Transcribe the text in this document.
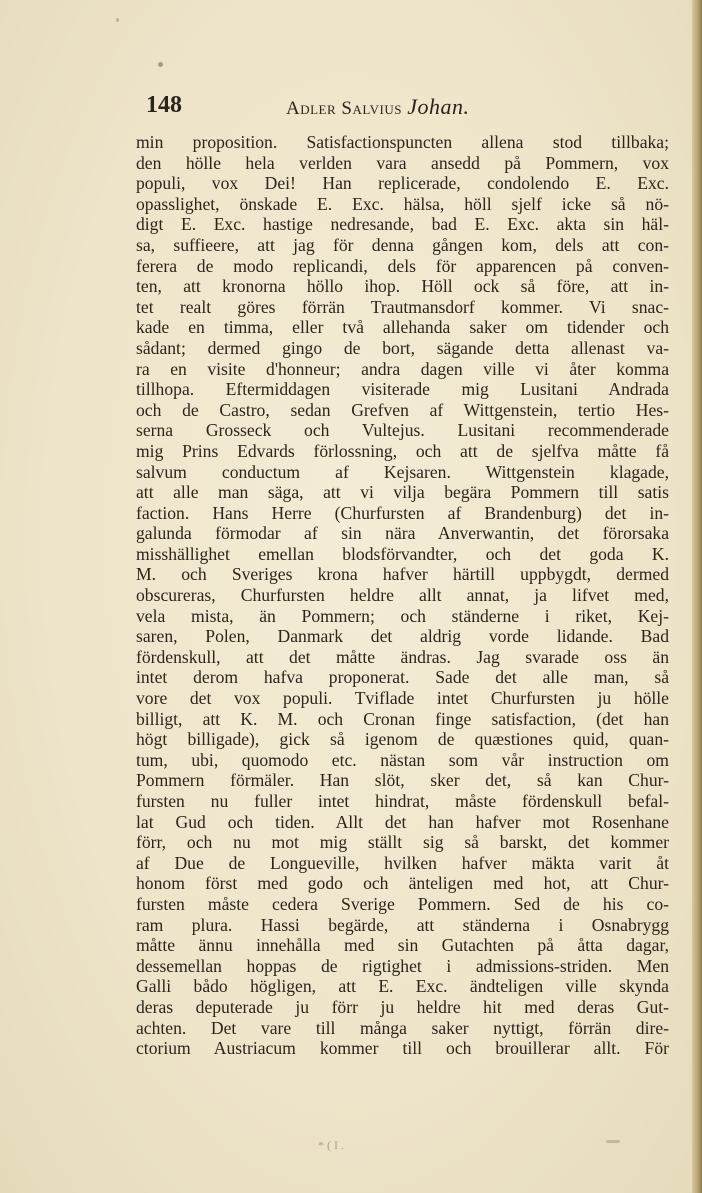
148	Adler Salvius Johan.
min proposition. Satisfactionspuncten allena stod tillbaka;
den hölle hela verlden vara ansedd på Pommern, vox
populi, vox Dei! Han replicerade, condolendo E. Exc.
opasslighet, önskade E. Exc. hälsa, höll sjelf icke så nö-
digt E. Exc. hastige nedresande, bad E. Exc. akta sin häl-
sa, suffieere, att jag för denna gången kom, dels att con-
ferera de modo replicandi, dels för apparencen på conven-
ten, att kronorna höllo ihop. Höll ock så före, att in-
tet realt göres förrän Trautmansdorf kommer. Vi snac-
kade en timma, eller två allehanda saker om tidender och
sådant; dermed gingo de bort, sägande detta allenast va-
ra en visite d'honneur; andra dagen ville vi åter komma
tillhopa. Eftermiddagen visiterade mig Lusitani Andrada
och de Castro, sedan Grefven af Wittgenstein, tertio Hes-
serna Grosseck och Vultejus. Lusitani recommenderade
mig Prins Edvards förlossning, och att de sjelfva måtte få
salvum conductum af Kejsaren. Wittgenstein klagade,
att alle man säga, att vi vilja begära Pommern till satis
faction. Hans Herre (Churfursten af Brandenburg) det in-
galunda förmodar af sin nära Anverwantin, det förorsaka
misshällighet emellan blodsförvandter, och det goda K.
M. och Sveriges krona hafver härtill uppbygdt, dermed
obscureras, Churfursten heldre allt annat, ja lifvet med,
vela mista, än Pommern; och ständerne i riket, Kej-
saren, Polen, Danmark det aldrig vorde lidande. Bad
fördenskull, att det måtte ändras. Jag svarade oss än
intet derom hafva proponerat. Sade det alle man, så
vore det vox populi. Tviflade intet Churfursten ju hölle
billigt, att K. M. och Cronan finge satisfaction, (det han
högt billigade), gick så igenom de quæstiones quid, quan-
tum, ubi, quomodo etc. nästan som vår instruction om
Pommern förmäler. Han slöt, sker det, så kan Chur-
fursten nu fuller intet hindrat, måste fördenskull befal-
lat Gud och tiden. Allt det han hafver mot Rosenhane
förr, och nu mot mig ställt sig så barskt, det kommer
af Due de Longueville, hvilken hafver mäkta varit åt
honom först med godo och änteligen med hot, att Chur-
fursten måste cedera Sverige Pommern. Sed de his co-
ram plura. Hassi begärde, att ständerna i Osnabrygg
måtte ännu innehålla med sin Gutachten på åtta dagar,
dessemellan hoppas de rigtighet i admissions-striden. Men
Galli bådo högligen, att E. Exc. ändteligen ville skynda
deras deputerade ju förr ju heldre hit med deras Gut-
achten. Det vare till många saker nyttigt, förrän dire-
ctorium Austriacum kommer till och brouillerar allt. För
* ( I .
